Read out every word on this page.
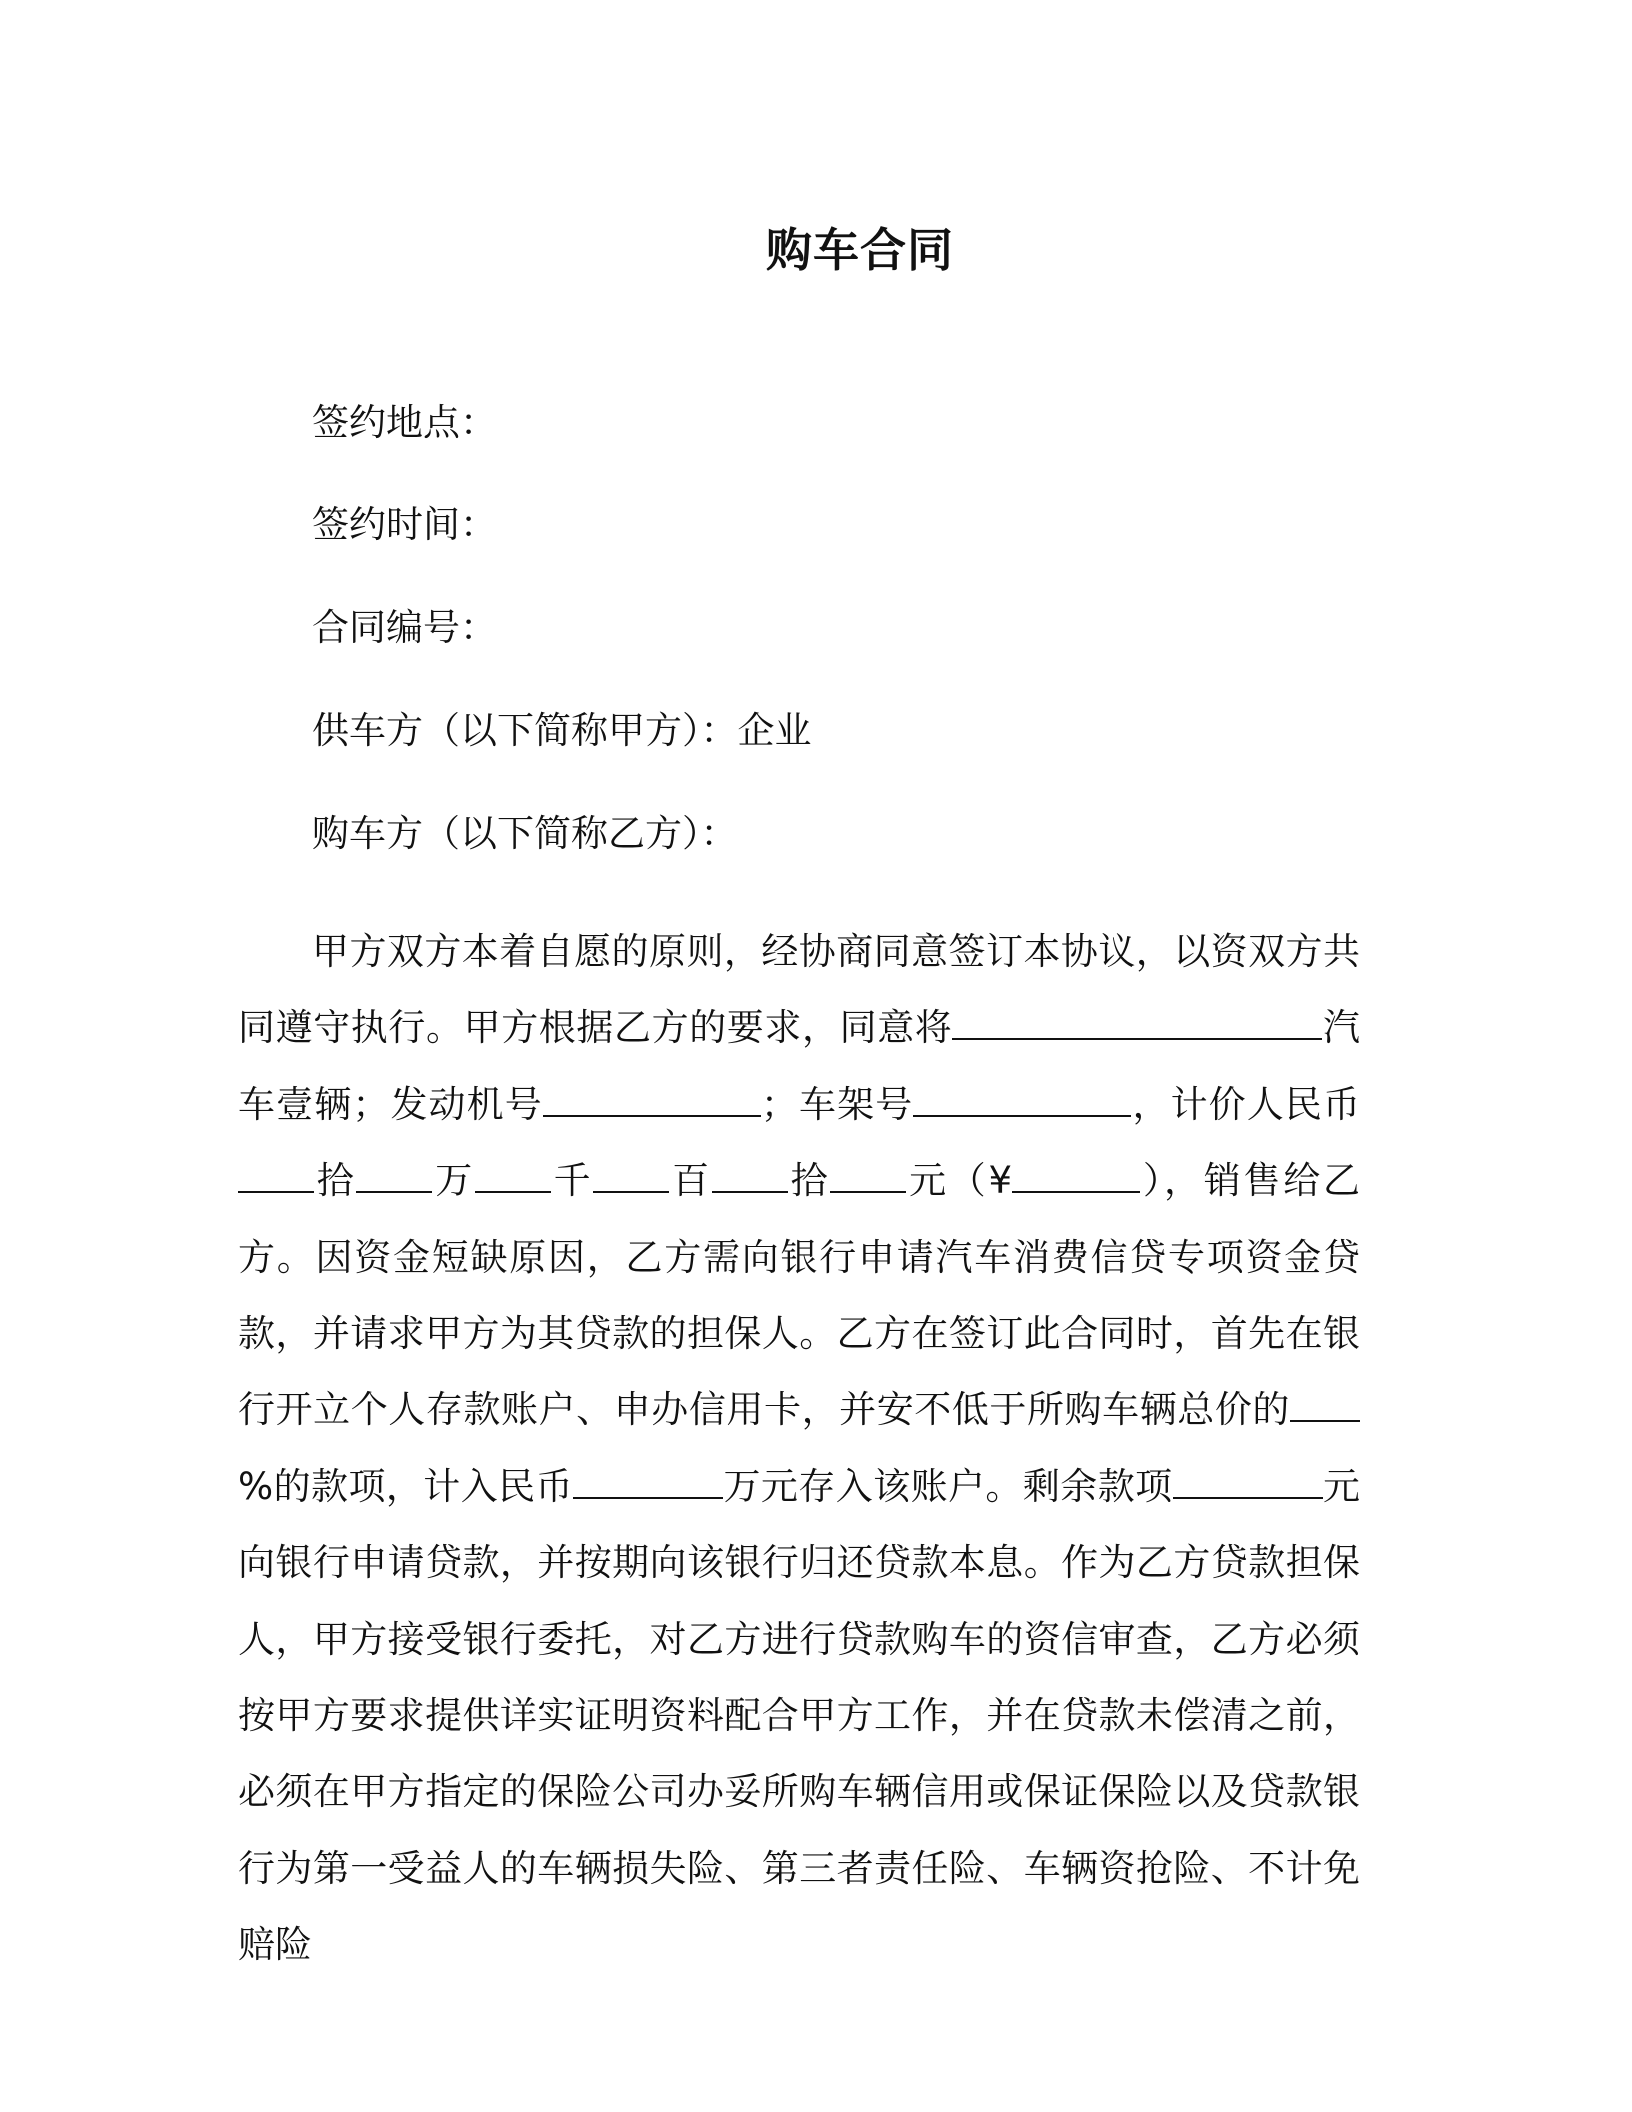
购车合同
签约地点：
签约时间：
合同编号：
供车方（以下简称甲方）：企业
购车方（以下简称乙方）：

甲方双方本着自愿的原则，经协商同意签订本协议，以资双方共同遵守执行。甲方根据乙方的要求，同意将	汽车壹辆；发动机号	；车架号	，计价人民币拾 万 千 百 拾 元（¥	），销售给乙方。因资金短缺原因，乙方需向银行申请汽车消费信贷专项资金贷款，并请求甲方为其贷款的担保人。乙方在签订此合同时，首先在银行开立个人存款账户、申办信用卡，并安不低于所购车辆总价的%的款项，计入民币	万元存入该账户。剩余款项	元向银行申请贷款，并按期向该银行归还贷款本息。作为乙方贷款担保人，甲方接受银行委托，对乙方进行贷款购车的资信审查，乙方必须按甲方要求提供详实证明资料配合甲方工作，并在贷款未偿清之前，必须在甲方指定的保险公司办妥所购车辆信用或保证保险以及贷款银行为第一受益人的车辆损失险、第三者责任险、车辆资抢险、不计免赔险
